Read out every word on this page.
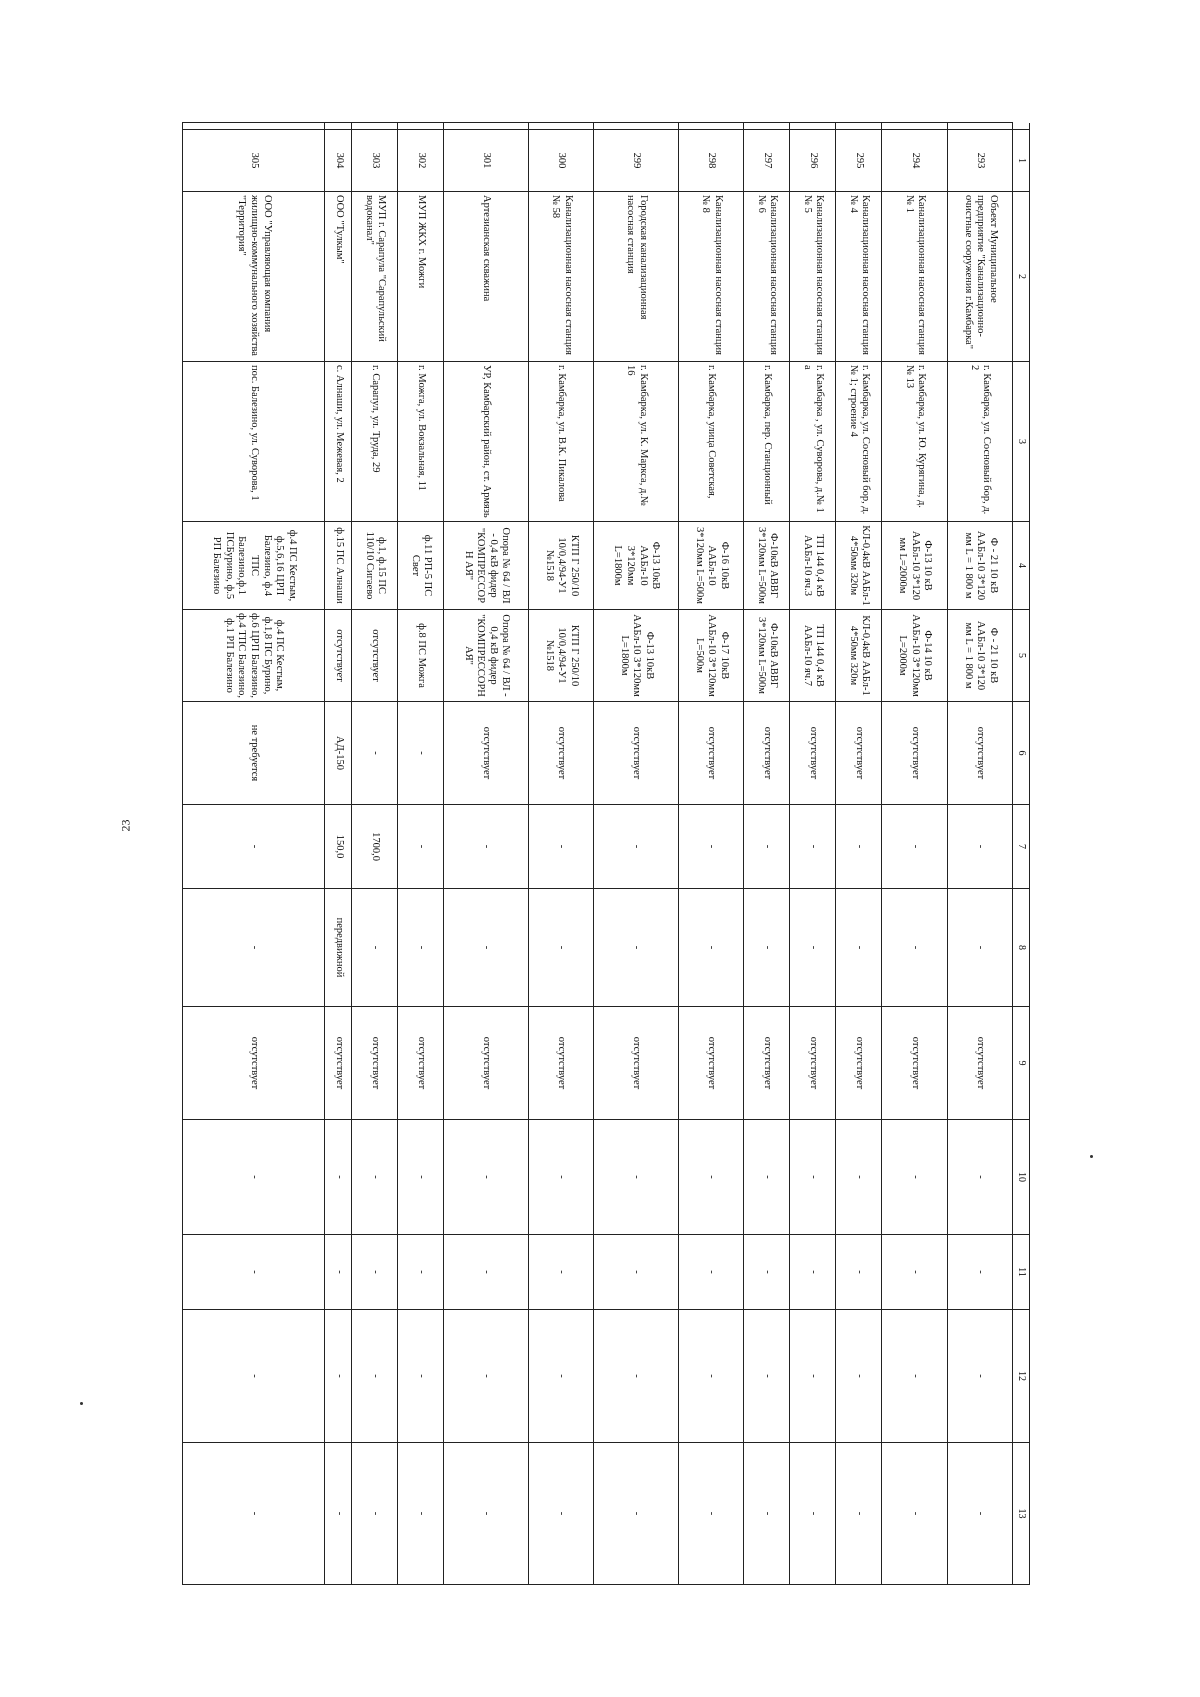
23
	1	2	3	4	5	6	7	8	9	10	11	12	13
	293	Объект Муниципальное предприятие "Канализационно-очистные сооружения г.Камбарка"	г. Камбарка, ул. Сосновый бор, д. 2	Ф - 21 10 кВ ААБл-10 3*120 мм L = 1 800 м	Ф - 21 10 кВ ААБл-10 3*120 мм L = 1 800 м	отсутствует	-	-	отсутствует	-	-	-	-
	294	Канализационная насосная станция № 1	г. Камбарка, ул. Ю. Курягина, д. № 13	Ф-13 10 кВ ААБл-10 3*120 мм L=2000м	Ф-14 10 кВ ААБл-10 3*120мм L=2000м	отсутствует	-	-	отсутствует	-	-	-	-
	295	Канализационная насосная станция № 4	г. Камбарка, ул. Сосновый бор, д.№ 1; строение 4	КЛ-0,4кВ ААБл-1 4*50мм 320м	КЛ-0,4кВ ААБл-1 4*50мм 320м	отсутствует	-	-	отсутствует	-	-	-	-
	296	Канализационная насосная станция № 5	г. Камбарка , ул. Суворова, д.№ 1 а	ТП 144 0,4 кВ ААБл-10 яч.3	ТП 144 0,4 кВ ААБл-10 яч.7	отсутствует	-	-	отсутствует	-	-	-	-
	297	Канализационная насосная станция № 6	г. Камбарка, пер. Станционный	Ф-10кВ АВВГ 3*120мм L=500м	Ф-10кВ АВВГ 3*120мм L=500м	отсутствует	-	-	отсутствует	-	-	-	-
	298	Канализационная насосная станция № 8	г. Камбарка, улица Советская,	Ф-16 10кВ ААБл-10 3*120мм L=500м	Ф-17 10кВ ААБл-10 3*120мм L=500м	отсутствует	-	-	отсутствует	-	-	-	-
	299	Городская канализационная насосная станция	г. Камбарка, ул. К. Маркса, д.№ 16	Ф-13 10кВ ААБл-10 3*120мм L=1800м	Ф-13 10кВ ААБл-10 3*120мм L=1800м	отсутствует	-	-	отсутствует	-	-	-	-
	300	Канализационная насосная станция № 58	г. Камбарка, ул. В.К. Пикалова	КТП Г 250/10 10/0,4/94-У1 №1518	КТП Г 250/10 10/0,4/94-У1 №1518	отсутствует	-	-	отсутствует	-	-	-	-
	301	Артезианская скважина	УР, Камбарский район, ст. Армязь	Опора № 64 / ВЛ - 0,4 кВ фидер "КОМПРЕССОРН АЯ"	Опора № 64 / ВЛ - 0,4 кВ фидер "КОМПРЕССОРН АЯ"	отсутствует	-	-	отсутствует	-	-	-	-
	302	МУП ЖКХ г. Можги	г. Можга, ул. Вокзальная, 11	ф.11 РП-5 ПС Свет	ф.8 ПС Можга	-	-	-	отсутствует	-	-	-	-
	303	МУП г. Сарапула "Сарапульский водоканал"	г. Сарапул, ул. Труда, 29	ф.1, ф.15 ПС 110/10 Сигаево	отсутствует	-	1700,0	-	отсутствует	-	-	-	-
	304	ООО "Тулкым"	с. Алнаши, ул. Межевая, 2	ф.15 ПС Алнаши	отсутствует	АД-150	150,0	передвижной	отсутствует	-	-	-	-
	305	ООО "Управляющая компания жилищно-коммунального хозяйства "Территория"	пос. Балезино, ул. Суворова, 1	ф.4 ПС Кестым, ф.5,6,16 ЦРП Балезино, ф.4 ТПС Балезино,ф.1 ПСБурино, ф.5 РП Балезино	ф.4 ПС Кестым, ф.1,8 ПС Бурино, ф.6 ЦРП Балезино, ф.4 ТПС Балезино, ф.1 РП Балезино	не требуется	-	-	отсутствует	-	-	-	-
